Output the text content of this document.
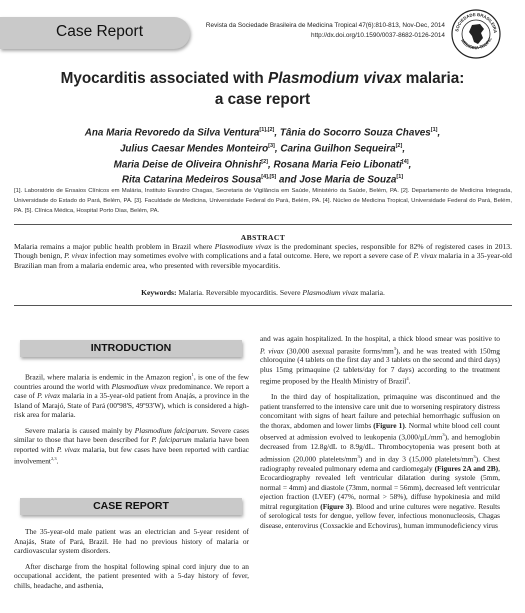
Case Report	Revista da Sociedade Brasileira de Medicina Tropical 47(6):810-813, Nov-Dec, 2014
http://dx.doi.org/10.1590/0037-8682-0126-2014
SOCIEDADE BRASILEIRA
MEDICINA TROPIC
Myocarditis associated with Plasmodium vivax malaria:
a case report
Ana Maria Revoredo da Silva Ventura[1],[2], Tânia do Socorro Souza Chaves[1],
Julius Caesar Mendes Monteiro[3], Carina Guilhon Sequeira[2],
Maria Deise de Oliveira Ohnishi[2], Rosana Maria Feio Libonati[4],
Rita Catarina Medeiros Sousa[4],[5] and Jose Maria de Souza[1]
[1]. Laboratório de Ensaios Clínicos em Malária, Instituto Evandro Chagas, Secretaria de Vigilância em Saúde, Ministério da Saúde, Belém, PA. [2]. Departamento de Medicina Integrada, Universidade do Estado do Pará, Belém, PA. [3]. Faculdade de Medicina, Universidade Federal do Pará, Belém, PA. [4]. Núcleo de Medicina Tropical, Universidade Federal do Pará, Belém, PA. [5]. Clínica Médica, Hospital Porto Dias, Belém, PA.
ABSTRACT
Malaria remains a major public health problem in Brazil where Plasmodium vivax is the predominant species, responsible for 82% of registered cases in 2013. Though benign, P. vivax infection may sometimes evolve with complications and a fatal outcome. Here, we report a severe case of P. vivax malaria in a 35-year-old Brazilian man from a malaria endemic area, who presented with reversible myocarditis.
Keywords: Malaria. Reversible myocarditis. Severe Plasmodium vivax malaria.
INTRODUCTION

Brazil, where malaria is endemic in the Amazon region$^1$, is one of the few countries around the world with Plasmodium vivax predominance. We report a case of P. vivax malaria in a 35-year-old patient from Anajás, a province in the Island of Marajó, State of Pará (00º98'S, 49º93'W), which is considered a high-risk area for malaria.

Severe malaria is caused mainly by Plasmodium falciparum. Severe cases similar to those that have been described for P. falciparum malaria have been reported with P. vivax malaria, but few cases have been reported with cardiac involvement$^{2,3}$.

CASE REPORT

The 35-year-old male patient was an electrician and 5-year resident of Anajás, State of Pará, Brazil. He had no previous history of malaria or cardiovascular system disorders.

After discharge from the hospital following spinal cord injury due to an occupational accident, the patient presented with a 5-day history of fever, chills, headache, and asthenia,

and was again hospitalized. In the hospital, a thick blood smear was positive to P. vivax (30,000 asexual parasite forms/$mm^3$), and he was treated with 150mg chloroquine (4 tablets on the first day and 3 tablets on the second and third days) plus 15mg primaquine (2 tablets/day for 7 days) according to the treatment regime proposed by the Health Ministry of Brazil$^4$.

In the third day of hospitalization, primaquine was discontinued and the patient transferred to the intensive care unit due to worsening respiratory distress concomitant with signs of heart failure and petechial hemorrhagic suffusion on the thorax, abdomen and lower limbs (Figure 1). Normal white blood cell count observed at admission evolved to leukopenia $(3,000/\mu L/mm^3)$, and hemoglobin decreased from 12.8g/dL to 8.9g/dL. Thrombocytopenia was present both at admission (20,000 platelets/$mm^3$) and in day 3 (15,000 platelets/$mm^3$). Chest radiography revealed pulmonary edema and cardiomegaly (Figures 2A and 2B), Ecocardiography revealed left ventricular dilatation during systole (5mm, normal = 4mm) and diastole (73mm, normal = 56mm), decreased left ventricular ejection fraction (LVEF) (47%, normal > 58%), diffuse hypokinesia and mild mitral regurgitation (Figure 3). Blood and urine cultures were negative. Results of serological tests for dengue, yellow fever, infectious mononucleosis, Chagas disease, enterovirus (Coxsackie and Echovirus), human immunodeficiency virus
